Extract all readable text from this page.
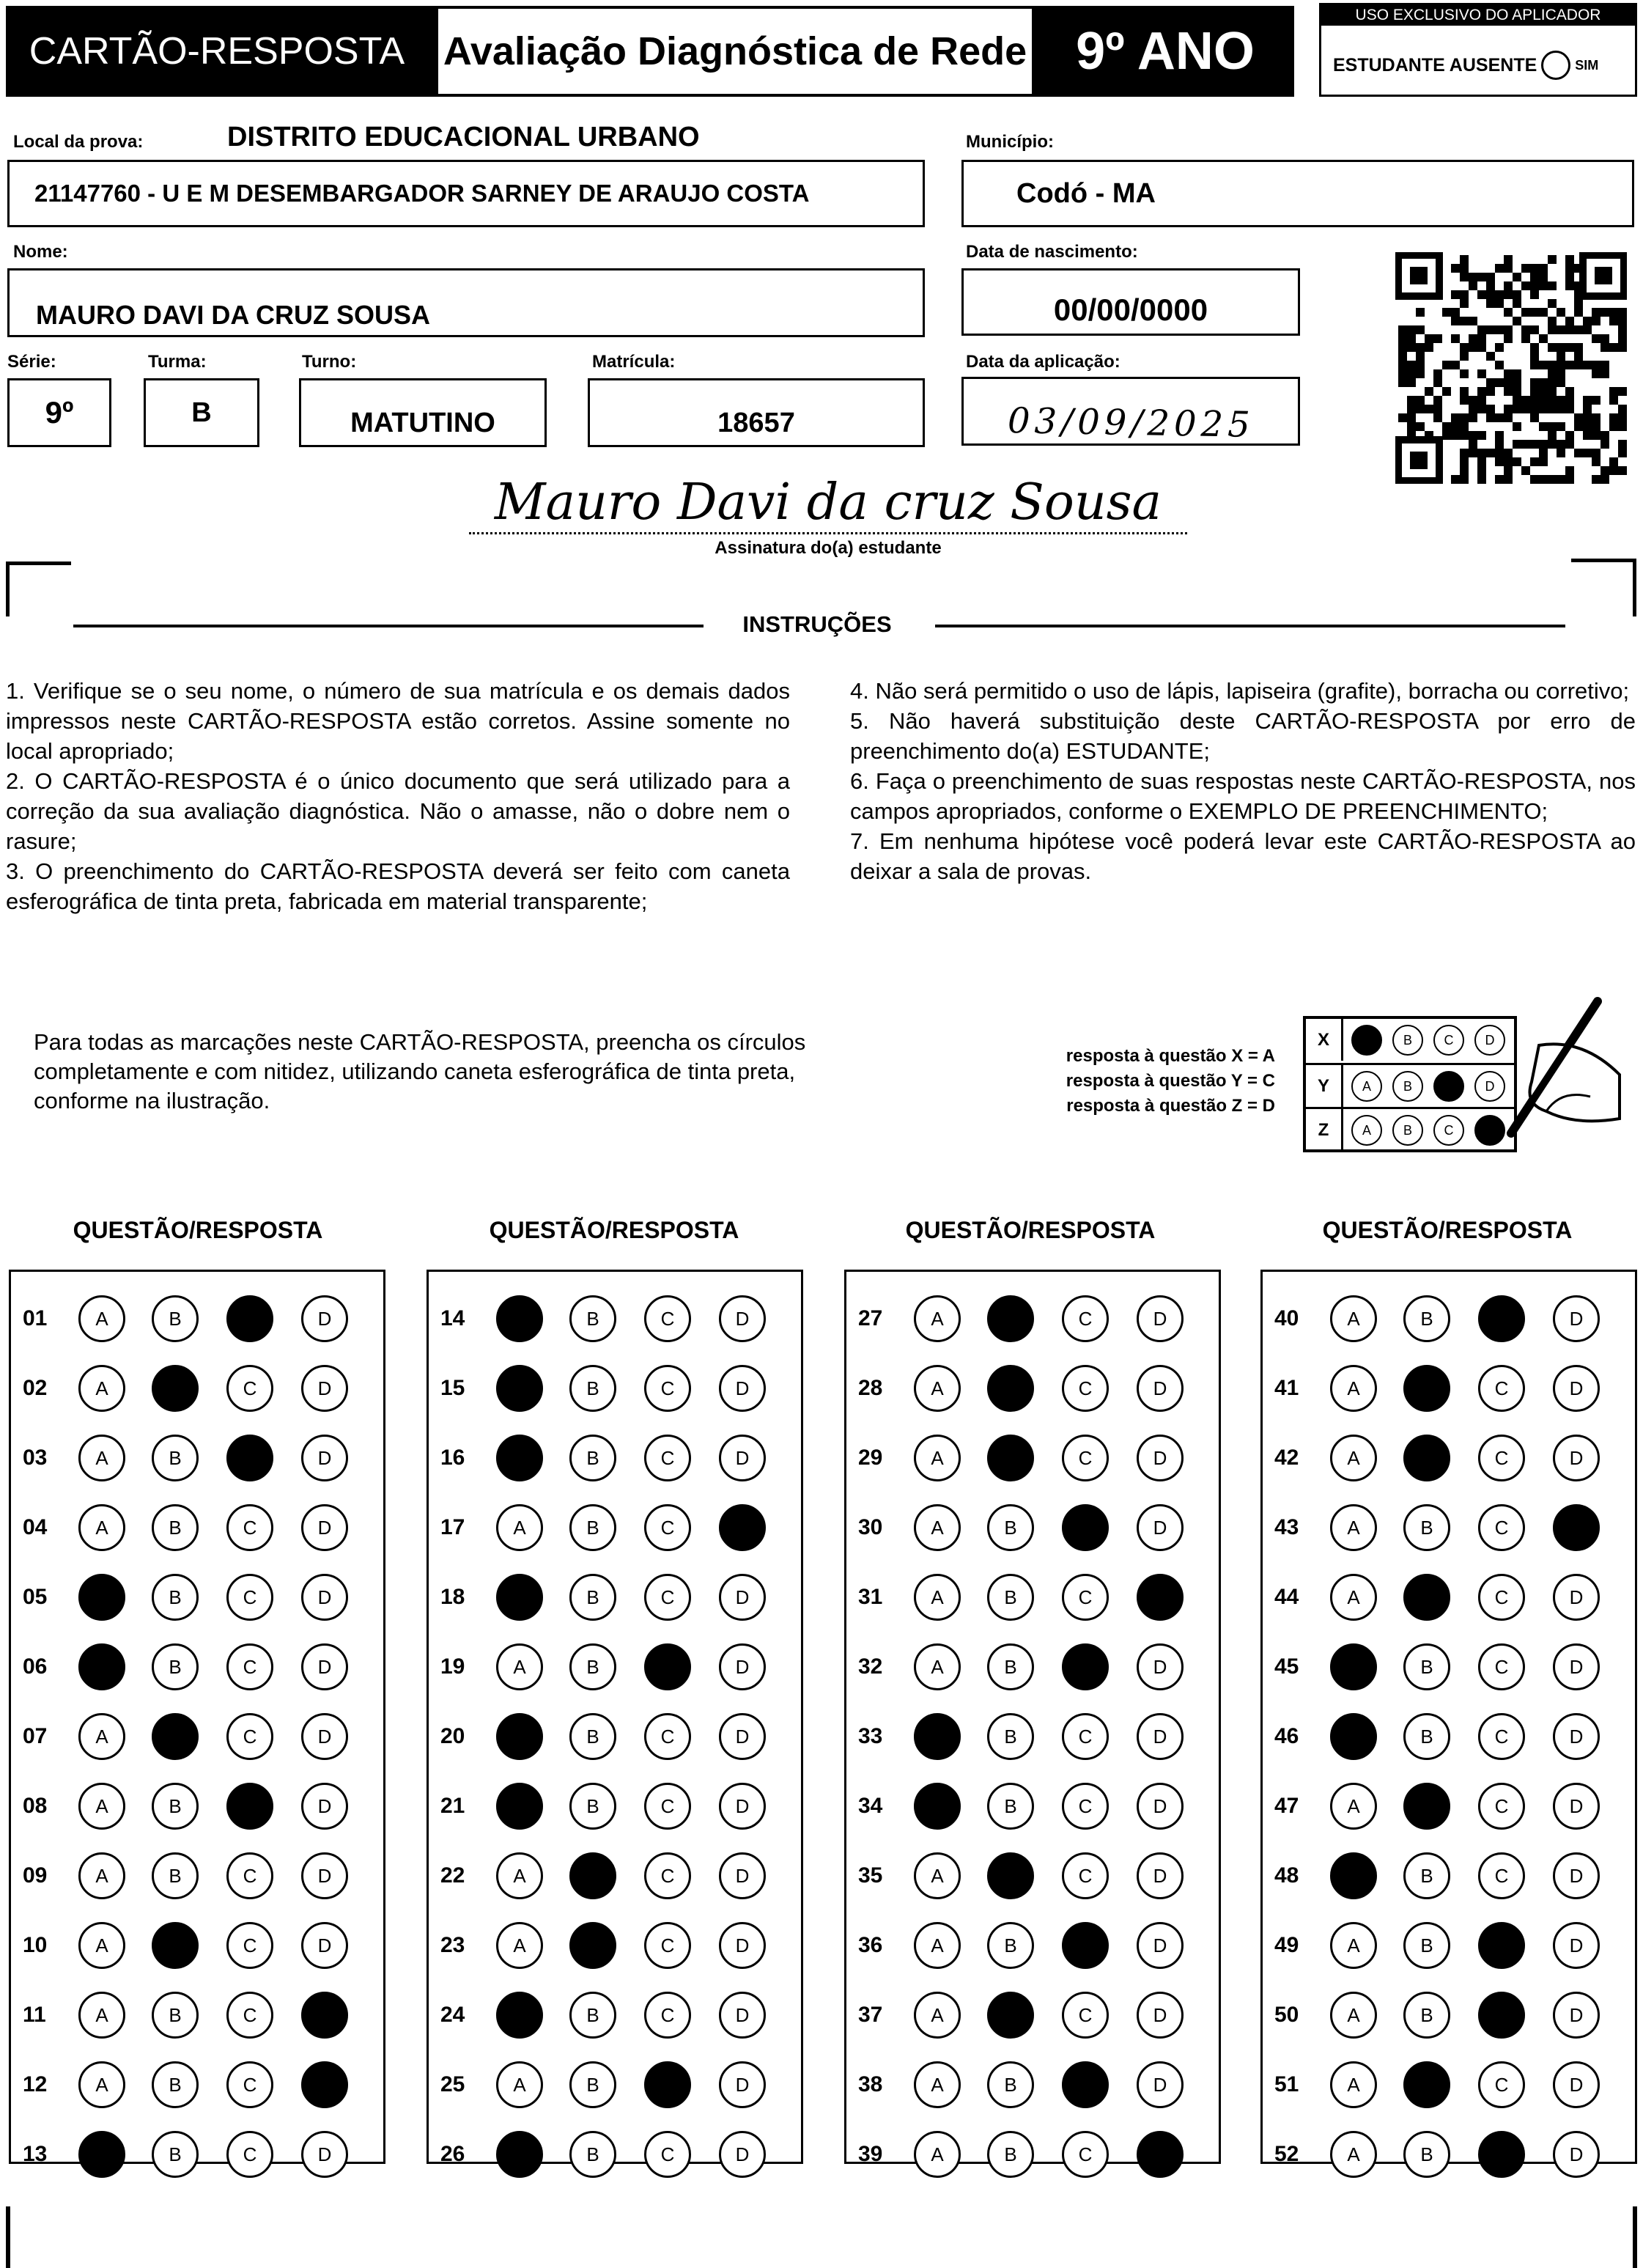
CARTÃO-RESPOSTA Avaliação Diagnóstica de Rede 9º ANO
USO EXCLUSIVO DO APLICADOR
ESTUDANTE AUSENTE	SIM
Local da prova:	DISTRITO EDUCACIONAL URBANO
21147760 - U E M DESEMBARGADOR SARNEY DE ARAUJO COSTA
Município:
Codó - MA
Nome:
MAURO DAVI DA CRUZ SOUSA
Data de nascimento:
00/00/0000
Série:
9º
Turma:
B
Turno:
MATUTINO
Matrícula:
18657
Data da aplicação:
03/09/2025
Mauro Davi da cruz Sousa
Assinatura do(a) estudante
INSTRUÇÕES

1. Verifique se o seu nome, o número de sua matrícula e os demais dados impressos neste CARTÃO-RESPOSTA estão corretos. Assine somente no local apropriado;

2. O CARTÃO-RESPOSTA é o único documento que será utilizado para a correção da sua avaliação diagnóstica. Não o amasse, não o dobre nem o rasure;

3. O preenchimento do CARTÃO-RESPOSTA deverá ser feito com caneta esferográfica de tinta preta, fabricada em material transparente;

4. Não será permitido o uso de lápis, lapiseira (grafite), borracha ou corretivo;

5. Não haverá substituição deste CARTÃO-RESPOSTA por erro de preenchimento do(a) ESTUDANTE;

6. Faça o preenchimento de suas respostas neste CARTÃO-RESPOSTA, nos campos apropriados, conforme o EXEMPLO DE PREENCHIMENTO;

7. Em nenhuma hipótese você poderá levar este CARTÃO-RESPOSTA ao deixar a sala de provas.

Para todas as marcações neste CARTÃO-RESPOSTA, preencha os círculos completamente e com nitidez, utilizando caneta esferográfica de tinta preta, conforme na ilustração.
resposta à questão X = A
resposta à questão Y = C
resposta à questão Z = D
X	A	B	C	D
Y	A	B	C	D
Z	A	B	C	D
QUESTÃO/RESPOSTA
01	A	B	C	D
02	A	B	C	D
03	A	B	C	D
04	A	B	C	D
05	A	B	C	D
06	A	B	C	D
07	A	B	C	D
08	A	B	C	D
09	A	B	C	D
10	A	B	C	D
11	A	B	C	D
12	A	B	C	D
13	A	B	C	D
QUESTÃO/RESPOSTA
14	A	B	C	D
15	A	B	C	D
16	A	B	C	D
17	A	B	C	D
18	A	B	C	D
19	A	B	C	D
20	A	B	C	D
21	A	B	C	D
22	A	B	C	D
23	A	B	C	D
24	A	B	C	D
25	A	B	C	D
26	A	B	C	D
QUESTÃO/RESPOSTA
27	A	B	C	D
28	A	B	C	D
29	A	B	C	D
30	A	B	C	D
31	A	B	C	D
32	A	B	C	D
33	A	B	C	D
34	A	B	C	D
35	A	B	C	D
36	A	B	C	D
37	A	B	C	D
38	A	B	C	D
39	A	B	C	D
QUESTÃO/RESPOSTA
40	A	B	C	D
41	A	B	C	D
42	A	B	C	D
43	A	B	C	D
44	A	B	C	D
45	A	B	C	D
46	A	B	C	D
47	A	B	C	D
48	A	B	C	D
49	A	B	C	D
50	A	B	C	D
51	A	B	C	D
52	A	B	C	D
